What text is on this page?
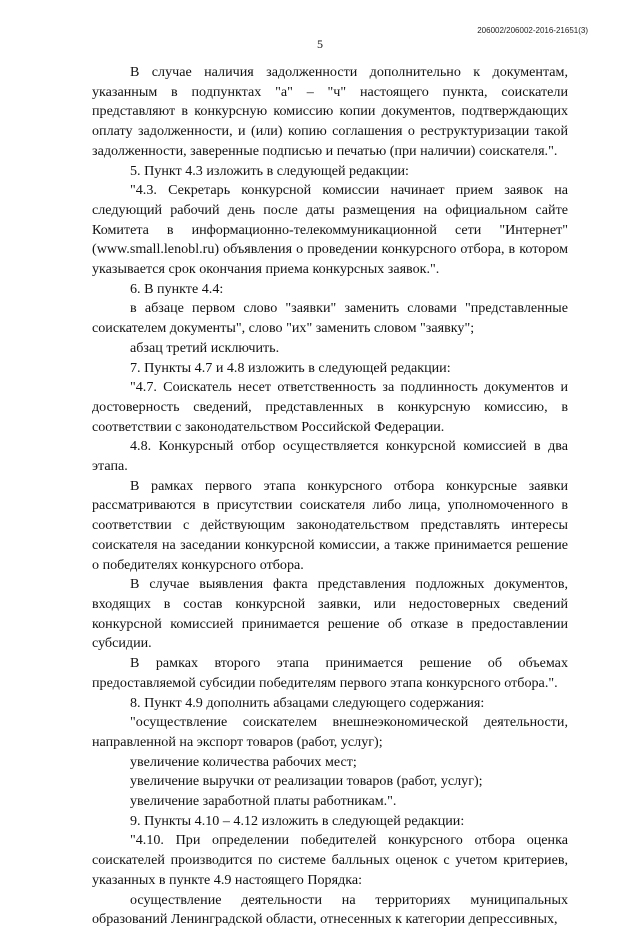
206002/206002-2016-21651(3)
5

В случае наличия задолженности дополнительно к документам, указанным в подпунктах "а" – "ч" настоящего пункта, соискатели представляют в конкурсную комиссию копии документов, подтверждающих оплату задолженности, и (или) копию соглашения о реструктуризации такой задолженности, заверенные подписью и печатью (при наличии) соискателя.".

5. Пункт 4.3 изложить в следующей редакции:

"4.3. Секретарь конкурсной комиссии начинает прием заявок на следующий рабочий день после даты размещения на официальном сайте Комитета в информационно-телекоммуникационной сети "Интернет" (www.small.lenobl.ru) объявления о проведении конкурсного отбора, в котором указывается срок окончания приема конкурсных заявок.".

6. В пункте 4.4:

в абзаце первом слово "заявки" заменить словами "представленные соискателем документы", слово "их" заменить словом "заявку";

абзац третий исключить.

7. Пункты 4.7 и 4.8 изложить в следующей редакции:

"4.7. Соискатель несет ответственность за подлинность документов и достоверность сведений, представленных в конкурсную комиссию, в соответствии с законодательством Российской Федерации.

4.8. Конкурсный отбор осуществляется конкурсной комиссией в два этапа.

В рамках первого этапа конкурсного отбора конкурсные заявки рассматриваются в присутствии соискателя либо лица, уполномоченного в соответствии с действующим законодательством представлять интересы соискателя на заседании конкурсной комиссии, а также принимается решение о победителях конкурсного отбора.

В случае выявления факта представления подложных документов, входящих в состав конкурсной заявки, или недостоверных сведений конкурсной комиссией принимается решение об отказе в предоставлении субсидии.

В рамках второго этапа принимается решение об объемах предоставляемой субсидии победителям первого этапа конкурсного отбора.".

8. Пункт 4.9 дополнить абзацами следующего содержания:

"осуществление соискателем внешнеэкономической деятельности, направленной на экспорт товаров (работ, услуг);

увеличение количества рабочих мест;

увеличение выручки от реализации товаров (работ, услуг);

увеличение заработной платы работникам.".

9. Пункты 4.10 – 4.12 изложить в следующей редакции:

"4.10. При определении победителей конкурсного отбора оценка соискателей производится по системе балльных оценок с учетом критериев, указанных в пункте 4.9 настоящего Порядка:

осуществление деятельности на территориях муниципальных образований Ленинградской области, отнесенных к категории депрессивных,
